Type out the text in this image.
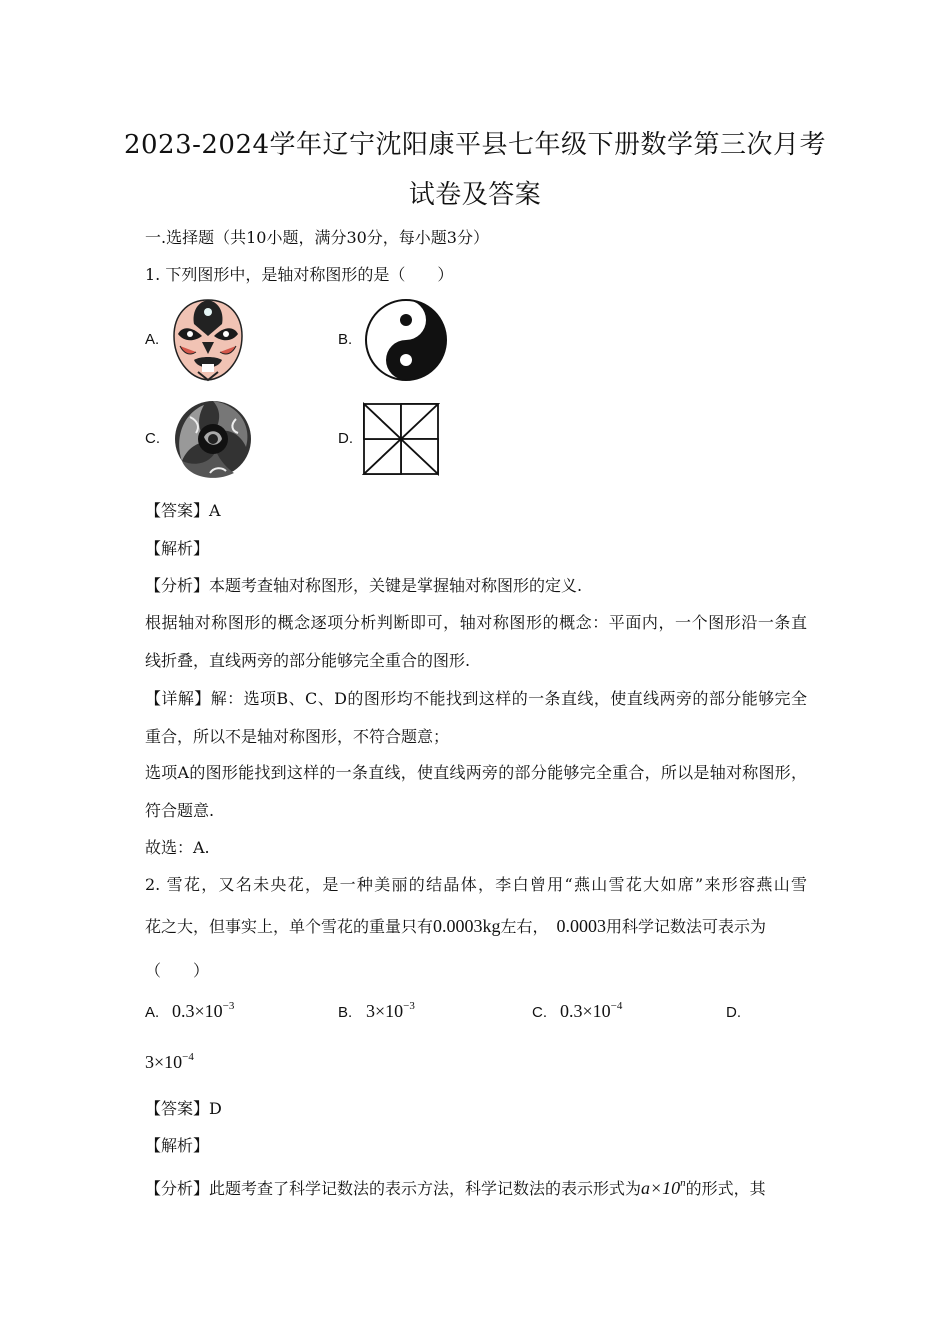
2023-2024学年辽宁沈阳康平县七年级下册数学第三次月考
试卷及答案
一.选择题（共10小题，满分30分，每小题3分）
1. 下列图形中，是轴对称图形的是（　　）
A.	B.
C.	D.
【答案】A
【解析】
【分析】本题考查轴对称图形，关键是掌握轴对称图形的定义.
根据轴对称图形的概念逐项分析判断即可，轴对称图形的概念：平面内，一个图形沿一条直
线折叠，直线两旁的部分能够完全重合的图形.
【详解】解：选项B、C、D的图形均不能找到这样的一条直线，使直线两旁的部分能够完全
重合，所以不是轴对称图形，不符合题意；
选项A的图形能找到这样的一条直线，使直线两旁的部分能够完全重合，所以是轴对称图形，
符合题意.
故选：A.
2. 雪花，又名未央花，是一种美丽的结晶体，李白曾用“燕山雪花大如席”来形容燕山雪
花之大，但事实上，单个雪花的重量只有0.0003kg左右， 0.0003用科学记数法可表示为
（　　）
A. $0.3\times 10^{-3}$	B. $3\times 10^{-3}$	C. $0.3\times 10^{-4}$	D.
$3\times 10^{-4}$
【答案】D
【解析】
【分析】此题考查了科学记数法的表示方法，科学记数法的表示形式为$a\times 10^n$的形式，其
